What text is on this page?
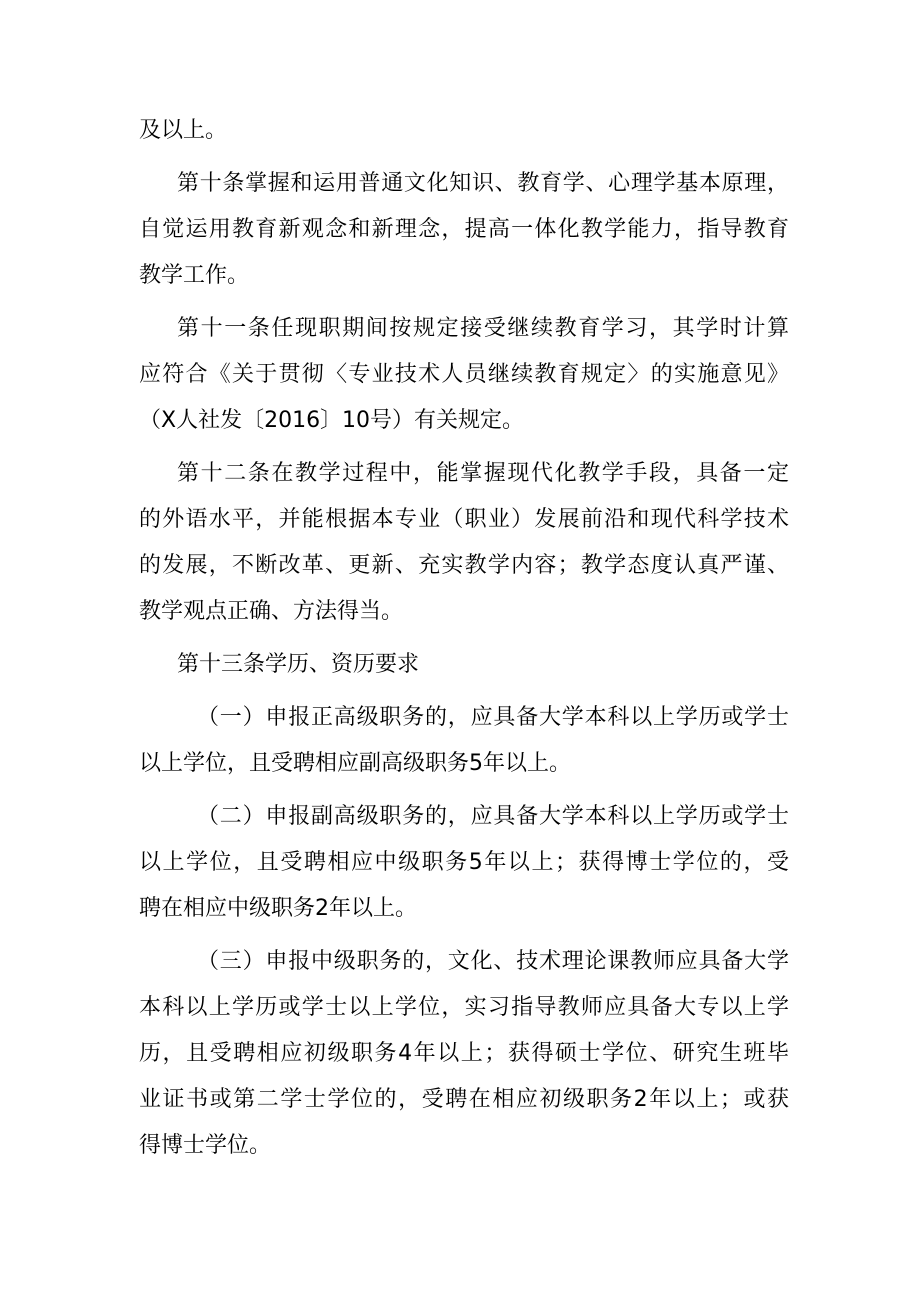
及以上。
第十条掌握和运用普通文化知识、教育学、心理学基本原理，
自觉运用教育新观念和新理念，提高一体化教学能力，指导教育
教学工作。
第十一条任现职期间按规定接受继续教育学习，其学时计算
应符合《关于贯彻〈专业技术人员继续教育规定〉的实施意见》
（X人社发〔2016〕10号）有关规定。
第十二条在教学过程中，能掌握现代化教学手段，具备一定
的外语水平，并能根据本专业（职业）发展前沿和现代科学技术
的发展，不断改革、更新、充实教学内容；教学态度认真严谨、
教学观点正确、方法得当。
第十三条学历、资历要求
（一）申报正高级职务的，应具备大学本科以上学历或学士
以上学位，且受聘相应副高级职务5年以上。
（二）申报副高级职务的，应具备大学本科以上学历或学士
以上学位，且受聘相应中级职务5年以上；获得博士学位的，受
聘在相应中级职务2年以上。
（三）申报中级职务的，文化、技术理论课教师应具备大学
本科以上学历或学士以上学位，实习指导教师应具备大专以上学
历，且受聘相应初级职务4年以上；获得硕士学位、研究生班毕
业证书或第二学士学位的，受聘在相应初级职务2年以上；或获
得博士学位。
